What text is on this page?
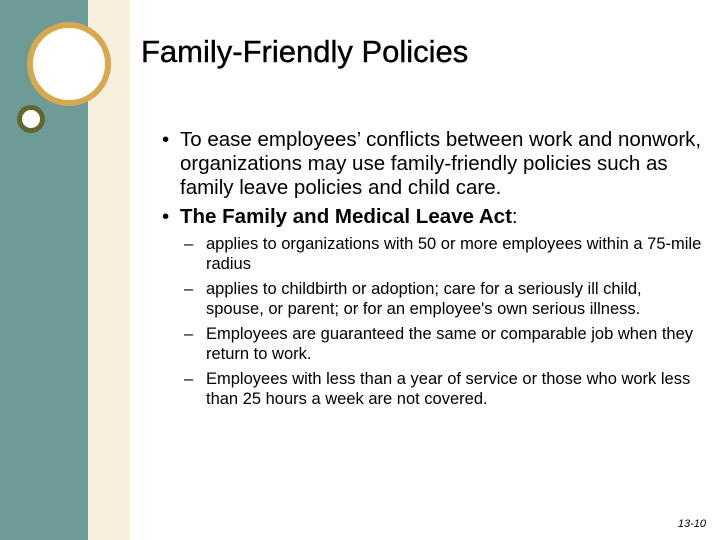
Family-Friendly Policies
• To ease employees’ conflicts between work and nonwork, organizations may use family-friendly policies such as family leave policies and child care.
• The Family and Medical Leave Act:
– applies to organizations with 50 or more employees within a 75-mile radius
– applies to childbirth or adoption; care for a seriously ill child, spouse, or parent; or for an employee's own serious illness.
– Employees are guaranteed the same or comparable job when they return to work.
– Employees with less than a year of service or those who work less than 25 hours a week are not covered.
13-10
